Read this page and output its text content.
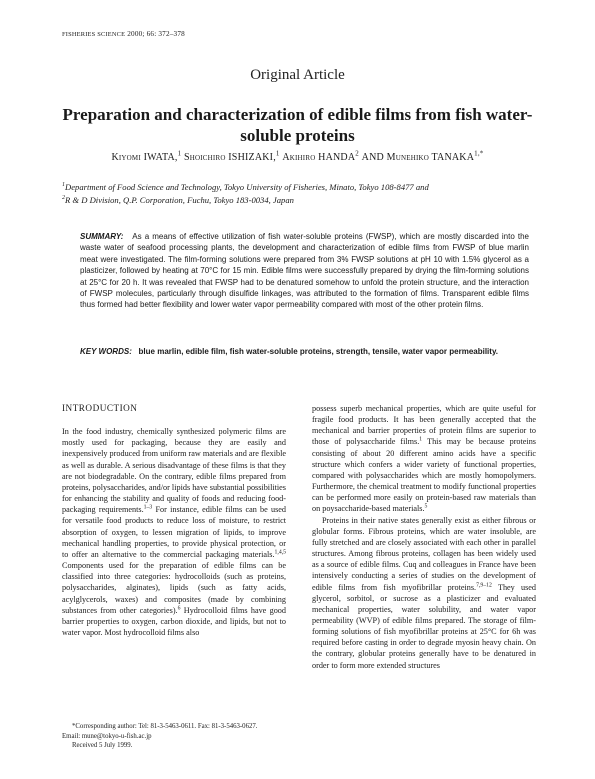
FISHERIES SCIENCE 2000; 66: 372–378
Original Article
Preparation and characterization of edible films from fish water-soluble proteins
Kiyomi IWATA,$^1$ Shoichiro ISHIZAKI,$^1$ Akihiro HANDA$^2$ AND Munehiko $TANAKA^{1,*}$
$^1$Department of Food Science and Technology, Tokyo University of Fisheries, Minato, Tokyo 108-8477 and
$^2$R & D Division, Q.P. Corporation, Fuchu, Tokyo 183-0034, Japan
SUMMARY: As a means of effective utilization of fish water-soluble proteins (FWSP), which are mostly discarded into the waste water of seafood processing plants, the development and characterization of edible films from FWSP of blue marlin meat were investigated. The film-forming solutions were prepared from 3% FWSP solutions at pH 10 with 1.5% glycerol as a plasticizer, followed by heating at 70°C for 15 min. Edible films were successfully prepared by drying the film-forming solutions at 25°C for 20 h. It was revealed that FWSP had to be denatured somehow to unfold the protein structure, and the interaction of FWSP molecules, particularly through disulfide linkages, was attributed to the formation of films. Transparent edible films thus formed had better flexibility and lower water vapor permeability compared with most of the other protein films.
KEY WORDS: blue marlin, edible film, fish water-soluble proteins, strength, tensile, water vapor permeability.
INTRODUCTION

In the food industry, chemically synthesized polymeric films are mostly used for packaging, because they are easily and inexpensively produced from uniform raw materials and are flexible as well as durable. A serious disadvantage of these films is that they are not biodegradable. On the contrary, edible films prepared from proteins, polysaccharides, and/or lipids have substantial possibilities for enhancing the stability and quality of foods and reducing food-packaging requirements.$^{1-3}$ For instance, edible films can be used for versatile food products to reduce loss of moisture, to restrict absorption of oxygen, to lessen migration of lipids, to improve mechanical handling properties, to provide physical protection, or to offer an alternative to the commercial packaging materials.$^{1,4,5}$ Components used for the preparation of edible films can be classified into three categories: hydrocolloids (such as proteins, polysaccharides, alginates), lipids (such as fatty acids, acylglycerols, waxes) and composites (made by combining substances from other categories).$^6$ Hydrocolloid films have good barrier properties to oxygen, carbon dioxide, and lipids, but not to water vapor. Most hydrocolloid films also

possess superb mechanical properties, which are quite useful for fragile food products. It has been generally accepted that the mechanical and barrier properties of protein films are superior to those of polysaccharide films.$^1$ This may be because proteins consisting of about 20 different amino acids have a specific structure which confers a wider variety of functional properties, compared with polysaccharides which are mostly homopolymers. Furthermore, the chemical treatment to modify functional properties can be performed more easily on protein-based raw materials than on poysaccharide-based materials.$^5$

Proteins in their native states generally exist as either fibrous or globular forms. Fibrous proteins, which are water insoluble, are fully stretched and are closely associated with each other in parallel structures. Among fibrous proteins, collagen has been widely used as a source of edible films. Cuq and colleagues in France have been intensively conducting a series of studies on the development of edible films from fish myofibrillar proteins.$^{7,9-12}$ They used glycerol, sorbitol, or sucrose as a plasticizer and evaluated mechanical properties, water solubility, and water vapor permeability (WVP) of edible films prepared. The storage of film-forming solutions of fish myofibrillar proteins at 25°C for 6h was required before casting in order to degrade myosin heavy chain. On the contrary, globular proteins generally have to be denatured in order to form more extended structures

*Corresponding author: Tel: 81-3-5463-0611. Fax: 81-3-5463-0627.
Email: mune@tokyo-u-fish.ac.jp
Received 5 July 1999.
